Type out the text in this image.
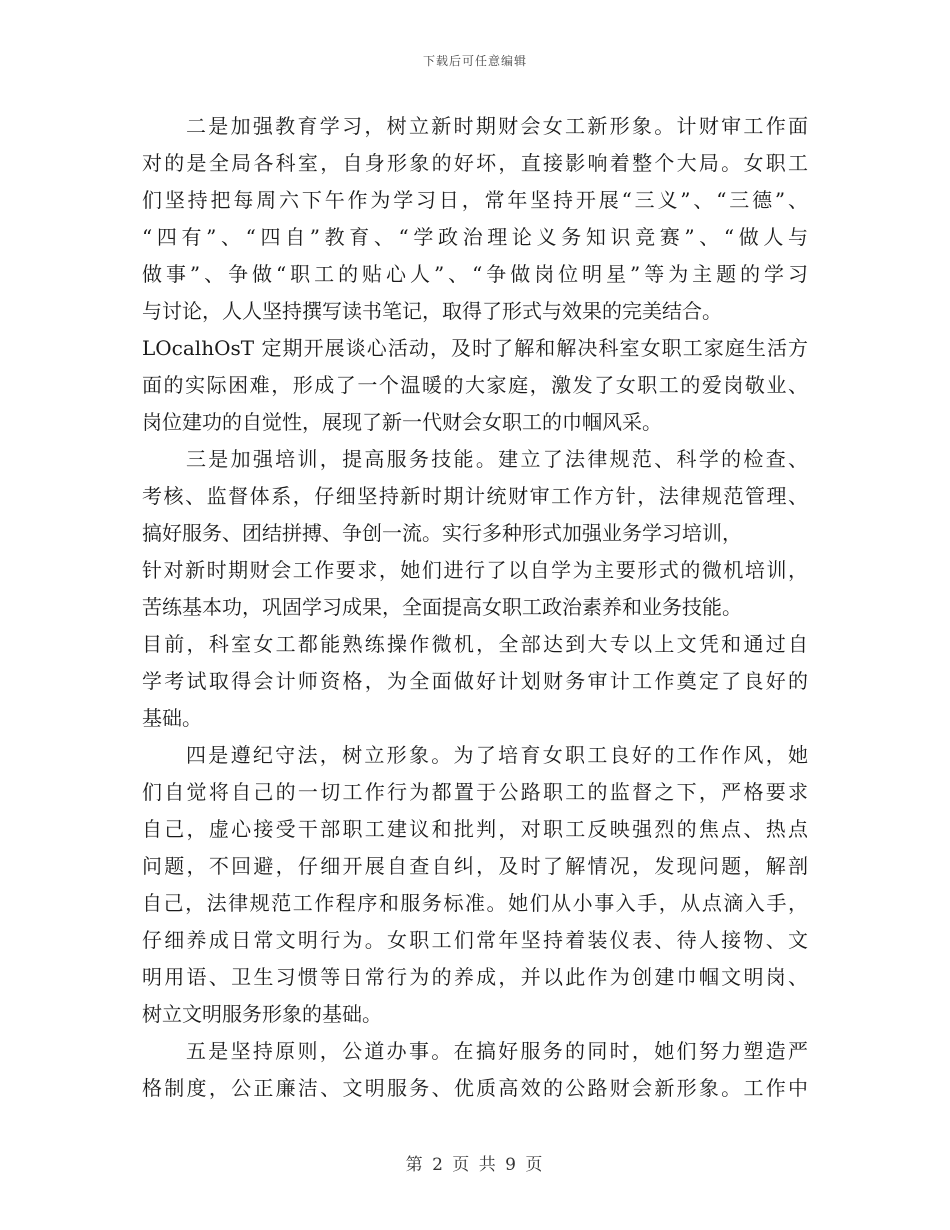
下载后可任意编辑
二是加强教育学习，树立新时期财会女工新形象。计财审工作面
对的是全局各科室，自身形象的好坏，直接影响着整个大局。女职工
们坚持把每周六下午作为学习日，常年坚持开展“三义”、“三德”、
“四有”、“四自”教育、“学政治理论义务知识竞赛”、“做人与
做事”、争做“职工的贴心人”、“争做岗位明星”等为主题的学习
与讨论，人人坚持撰写读书笔记，取得了形式与效果的完美结合。
LOcalhOsT 定期开展谈心活动，及时了解和解决科室女职工家庭生活方
面的实际困难，形成了一个温暖的大家庭，激发了女职工的爱岗敬业、
岗位建功的自觉性，展现了新一代财会女职工的巾帼风采。
三是加强培训，提高服务技能。建立了法律规范、科学的检查、
考核、监督体系，仔细坚持新时期计统财审工作方针，法律规范管理、
搞好服务、团结拼搏、争创一流。实行多种形式加强业务学习培训，
针对新时期财会工作要求，她们进行了以自学为主要形式的微机培训，
苦练基本功，巩固学习成果，全面提高女职工政治素养和业务技能。
目前，科室女工都能熟练操作微机，全部达到大专以上文凭和通过自
学考试取得会计师资格，为全面做好计划财务审计工作奠定了良好的
基础。
四是遵纪守法，树立形象。为了培育女职工良好的工作作风，她
们自觉将自己的一切工作行为都置于公路职工的监督之下，严格要求
自己，虚心接受干部职工建议和批判，对职工反映强烈的焦点、热点
问题，不回避，仔细开展自查自纠，及时了解情况，发现问题，解剖
自己，法律规范工作程序和服务标准。她们从小事入手，从点滴入手，
仔细养成日常文明行为。女职工们常年坚持着装仪表、待人接物、文
明用语、卫生习惯等日常行为的养成，并以此作为创建巾帼文明岗、
树立文明服务形象的基础。
五是坚持原则，公道办事。在搞好服务的同时，她们努力塑造严
格制度，公正廉洁、文明服务、优质高效的公路财会新形象。工作中
第 2 页 共 9 页
